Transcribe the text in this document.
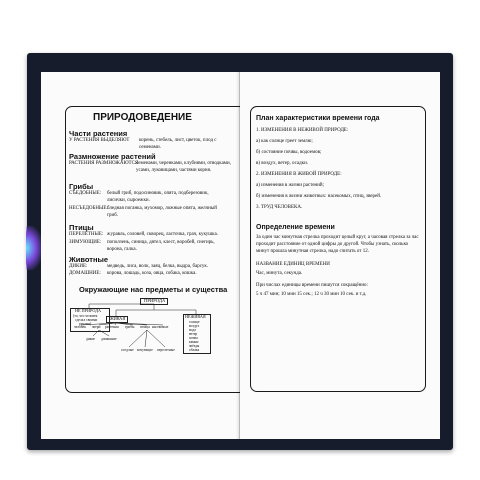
ПРИРОДОВЕДЕНИЕ
Части растения
У РАСТЕНИЯ ВЫДЕЛЯЮТ корень, стебель, лист, цветок, плод с семенами.
Размножение растений
РАСТЕНИЯ РАЗМНОЖАЮТСЯ
семенами, черенками, клубнями, отводками, усами, луковицами, частями корня.
Грибы
СЪЕДОБНЫЕ: белый гриб, подосиновик, опята, подберезовик, лисички, сыроежки.
НЕСЪЕДОБНЫЕ: бледная поганка, мухомор, ложные опята, желчный гриб.
Птицы
ПЕРЕЛЕТНЫЕ: журавль, соловей, скворец, ласточка, грач, кукушка.
ЗИМУЮЩИЕ: поползень, синица, дятел, клест, воробей, снегирь, ворона, галка.
Животные
ДИКИЕ:	медведь, лиса, волк, заяц, белка, выдра, барсук.
ДОМАШНИЕ: корова, лошадь, коза, овца, собака, кошка.
Окружающие нас предметы и существа
ПРИРОДА
НЕ ПРИРОДА
(то, что человек
сделал своими
руками)
ЖИВАЯ	НЕЖИВАЯ
солнце
воздух
вода
ветер
почва
камни
звёзды
облака
человек звери растения грибы птицы насекомые
дикие домашние
оседлые кочующие перелетные
План характеристики времени года
1. ИЗМЕНЕНИЯ В НЕЖИВОЙ ПРИРОДЕ:
а) как солнце греет землю;
б) состояние почвы, водоемов;
в) воздух, ветер, осадки.
2. ИЗМЕНЕНИЯ В ЖИВОЙ ПРИРОДЕ:
а) изменения в жизни растений;
б) изменения в жизни животных: насекомых, птиц, зверей.
3. ТРУД ЧЕЛОВЕКА.
Определение времени
За один час минутная стрелка проходит целый круг, а часовая стрелка за час проходит расстояние от одной цифры до другой. Чтобы узнать, сколько минут прошла минутная стрелка, надо считать от 12.
НАЗВАНИЕ ЕДИНИЦ ВРЕМЕНИ
Час, минута, секунда.
При числах единицы времени пишутся сокращённо:
5 ч 47 мин; 10 мин 15 сек.; 12 ч 30 мин 10 сек. и т.д.
